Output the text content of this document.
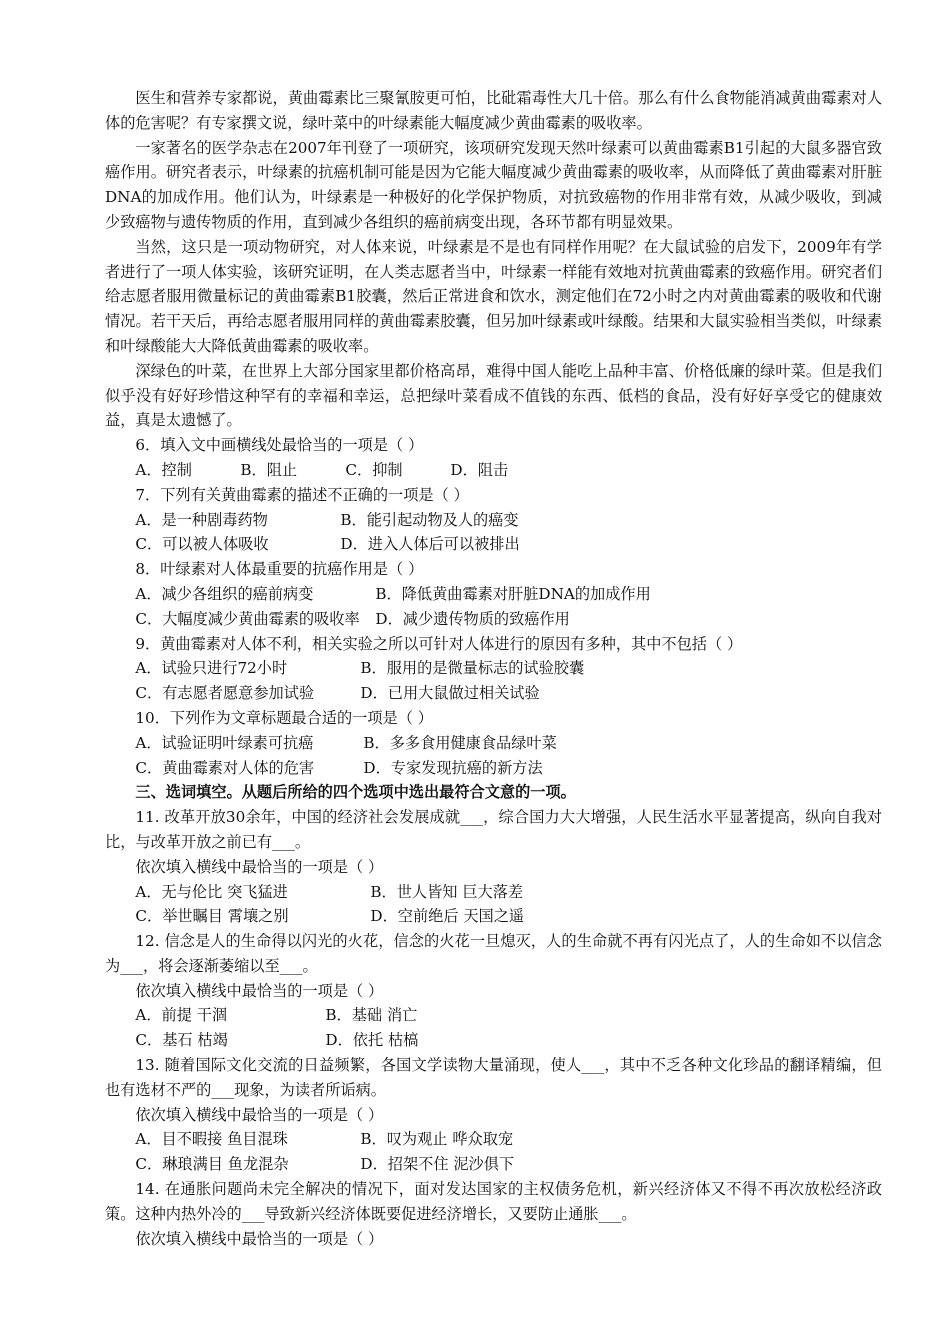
医生和营养专家都说，黄曲霉素比三聚氰胺更可怕，比砒霜毒性大几十倍。那么有什么食物能消减黄曲霉素对人体的危害呢？有专家撰文说，绿叶菜中的叶绿素能大幅度减少黄曲霉素的吸收率。

一家著名的医学杂志在2007年刊登了一项研究，该项研究发现天然叶绿素可以黄曲霉素B1引起的大鼠多器官致癌作用。研究者表示，叶绿素的抗癌机制可能是因为它能大幅度减少黄曲霉素的吸收率，从而降低了黄曲霉素对肝脏DNA的加成作用。他们认为，叶绿素是一种极好的化学保护物质，对抗致癌物的作用非常有效，从减少吸收，到减少致癌物与遗传物质的作用，直到减少各组织的癌前病变出现，各环节都有明显效果。

当然，这只是一项动物研究，对人体来说，叶绿素是不是也有同样作用呢？在大鼠试验的启发下，2009年有学者进行了一项人体实验，该研究证明，在人类志愿者当中，叶绿素一样能有效地对抗黄曲霉素的致癌作用。研究者们给志愿者服用微量标记的黄曲霉素B1胶囊，然后正常进食和饮水，测定他们在72小时之内对黄曲霉素的吸收和代谢情况。若干天后，再给志愿者服用同样的黄曲霉素胶囊，但另加叶绿素或叶绿酸。结果和大鼠实验相当类似，叶绿素和叶绿酸能大大降低黄曲霉素的吸收率。

深绿色的叶菜，在世界上大部分国家里都价格高昂，难得中国人能吃上品种丰富、价格低廉的绿叶菜。但是我们似乎没有好好珍惜这种罕有的幸福和幸运，总把绿叶菜看成不值钱的东西、低档的食品，没有好好享受它的健康效益，真是太遗憾了。

6．填入文中画横线处最恰当的一项是（ ）

A．控制	B．阻止	C．抑制	D．阻击

7．下列有关黄曲霉素的描述不正确的一项是（ ）

A．是一种剧毒药物	B．能引起动物及人的癌变

C．可以被人体吸收	D．进入人体后可以被排出

8．叶绿素对人体最重要的抗癌作用是（ ）

A．减少各组织的癌前病变	B．降低黄曲霉素对肝脏DNA的加成作用

C．大幅度减少黄曲霉素的吸收率 D．减少遗传物质的致癌作用

9．黄曲霉素对人体不利，相关实验之所以可针对人体进行的原因有多种，其中不包括（ ）

A．试验只进行72小时	B．服用的是微量标志的试验胶囊

C．有志愿者愿意参加试验	D．已用大鼠做过相关试验

10．下列作为文章标题最合适的一项是（ ）

A．试验证明叶绿素可抗癌	B．多多食用健康食品绿叶菜

C．黄曲霉素对人体的危害	D．专家发现抗癌的新方法

三、选词填空。从题后所给的四个选项中选出最符合文意的一项。

11. 改革开放30余年，中国的经济社会发展成就___，综合国力大大增强，人民生活水平显著提高，纵向自我对比，与改革开放之前已有___。

依次填入横线中最恰当的一项是（ ）

A．无与伦比 突飞猛进	B．世人皆知 巨大落差

C．举世瞩目 霄壤之别	D．空前绝后 天国之遥

12. 信念是人的生命得以闪光的火花，信念的火花一旦熄灭，人的生命就不再有闪光点了，人的生命如不以信念为___，将会逐渐萎缩以至___。

依次填入横线中最恰当的一项是（ ）

A．前提 干涸	B．基础 消亡

C．基石 枯竭	D．依托 枯槁

13. 随着国际文化交流的日益频繁，各国文学读物大量涌现，使人___，其中不乏各种文化珍品的翻译精编，但也有选材不严的___现象，为读者所诟病。

依次填入横线中最恰当的一项是（ ）

A．目不暇接 鱼目混珠	B．叹为观止 哗众取宠

C．琳琅满目 鱼龙混杂	D．招架不住 泥沙俱下

14. 在通胀问题尚未完全解决的情况下，面对发达国家的主权债务危机，新兴经济体又不得不再次放松经济政策。这种内热外冷的___导致新兴经济体既要促进经济增长，又要防止通胀___。

依次填入横线中最恰当的一项是（ ）
